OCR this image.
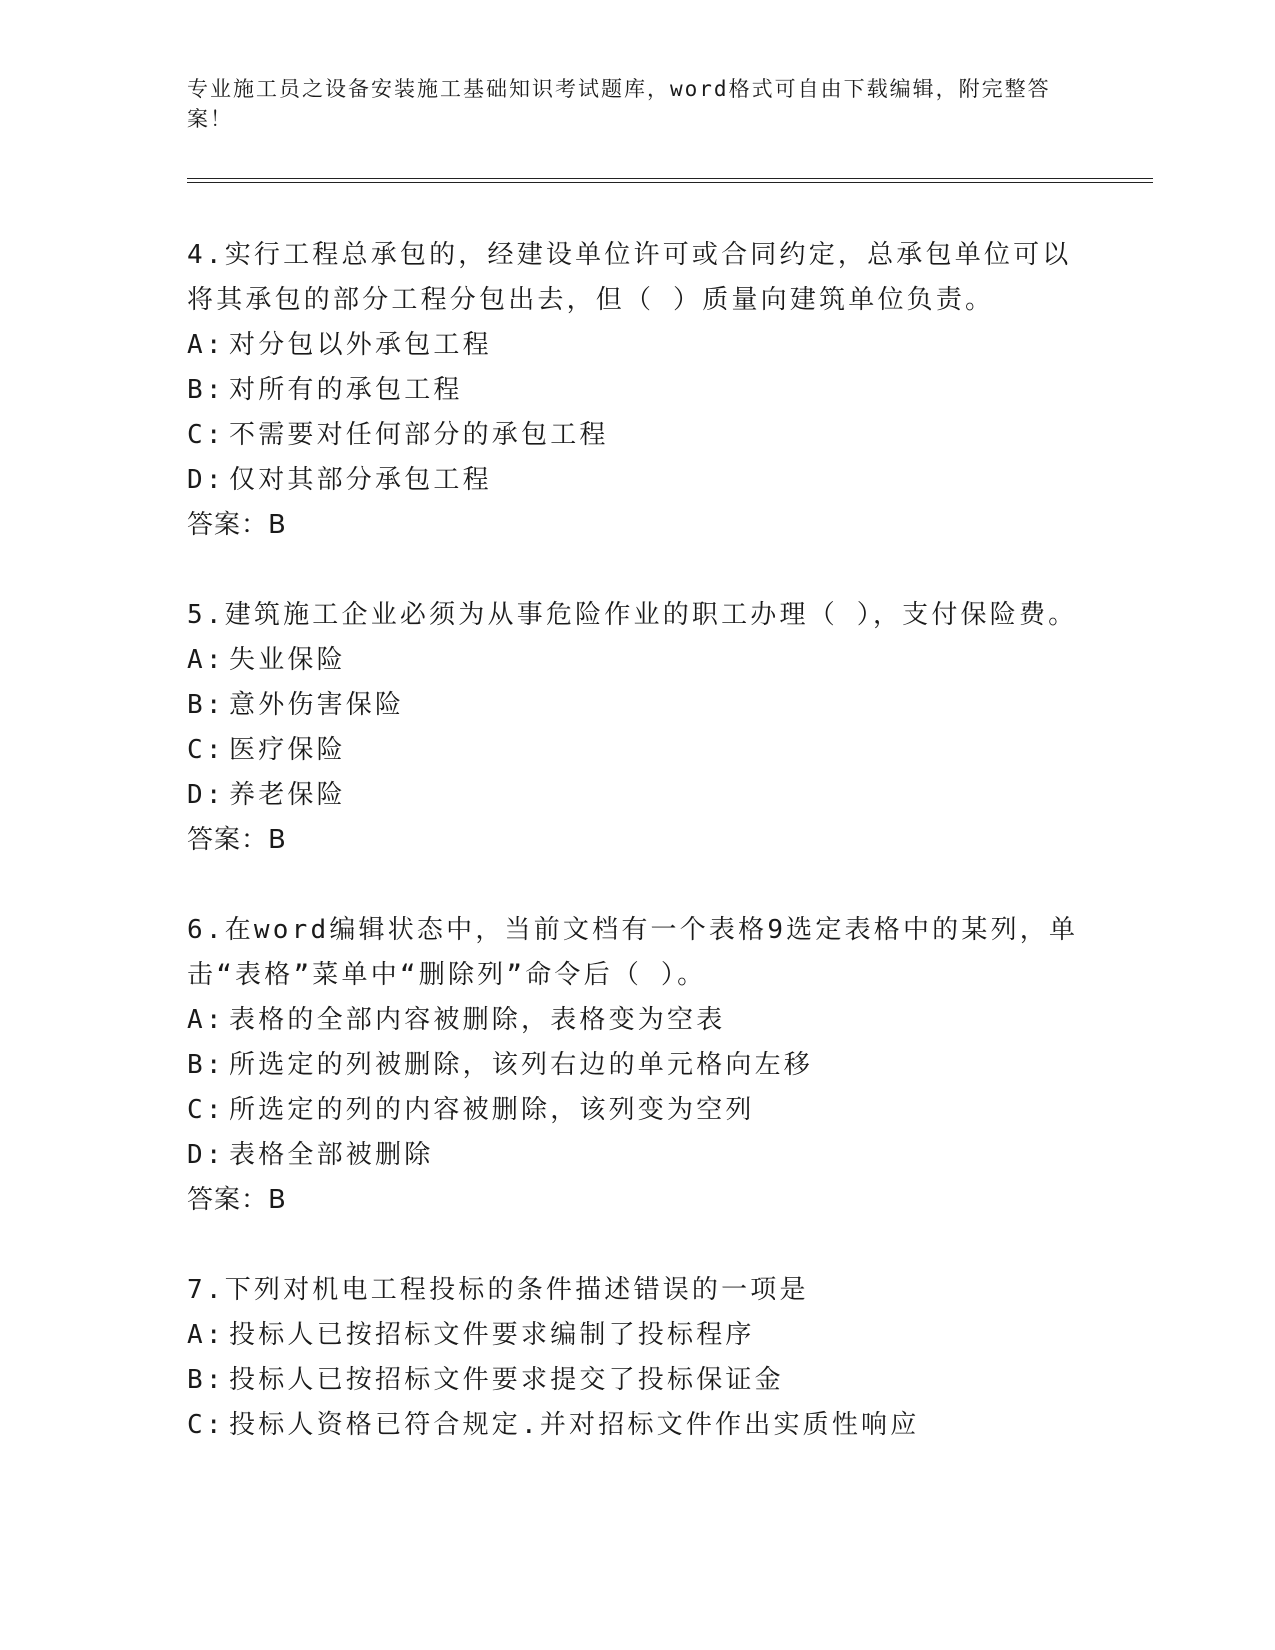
专业施工员之设备安装施工基础知识考试题库，word格式可自由下载编辑，附完整答案！

4.实行工程总承包的，经建设单位许可或合同约定，总承包单位可以将其承包的部分工程分包出去，但（ ）质量向建筑单位负责。

A: 对分包以外承包工程
B: 对所有的承包工程
C: 不需要对任何部分的承包工程
D: 仅对其部分承包工程
答案：B

5.建筑施工企业必须为从事危险作业的职工办理（ ），支付保险费。

A: 失业保险
B: 意外伤害保险
C: 医疗保险
D: 养老保险
答案：B

6.在word编辑状态中，当前文档有一个表格9选定表格中的某列，单击“表格”菜单中“删除列”命令后（ ）。

A: 表格的全部内容被删除，表格变为空表
B: 所选定的列被删除，该列右边的单元格向左移
C: 所选定的列的内容被删除，该列变为空列
D: 表格全部被删除
答案：B

7.下列对机电工程投标的条件描述错误的一项是

A: 投标人已按招标文件要求编制了投标程序
B: 投标人已按招标文件要求提交了投标保证金
C: 投标人资格已符合规定.并对招标文件作出实质性响应
